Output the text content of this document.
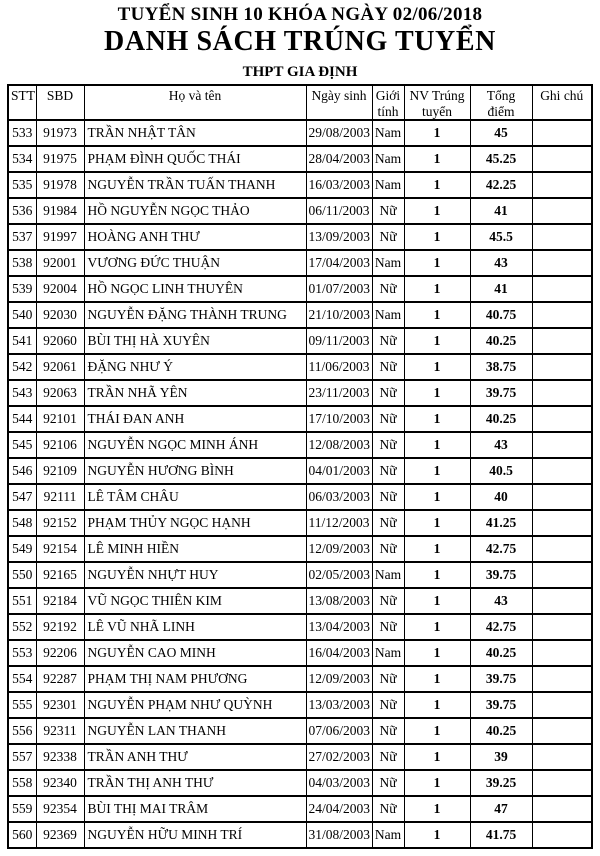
TUYỂN SINH 10 KHÓA NGÀY 02/06/2018
DANH SÁCH TRÚNG TUYỂN
THPT GIA ĐỊNH
STT	SBD	Họ và tên	Ngày sinh	Giới tính	NV Trúng tuyển	Tổng điểm	Ghi chú
533	91973	TRẦN NHẬT TÂN	29/08/2003	Nam	1	45	
534	91975	PHẠM ĐÌNH QUỐC THÁI	28/04/2003	Nam	1	45.25	
535	91978	NGUYỄN TRẦN TUẤN THANH	16/03/2003	Nam	1	42.25	
536	91984	HỒ NGUYỄN NGỌC THẢO	06/11/2003	Nữ	1	41	
537	91997	HOÀNG ANH THƯ	13/09/2003	Nữ	1	45.5	
538	92001	VƯƠNG ĐỨC THUẬN	17/04/2003	Nam	1	43	
539	92004	HỒ NGỌC LINH THUYÊN	01/07/2003	Nữ	1	41	
540	92030	NGUYỄN ĐẶNG THÀNH TRUNG	21/10/2003	Nam	1	40.75	
541	92060	BÙI THỊ HÀ XUYÊN	09/11/2003	Nữ	1	40.25	
542	92061	ĐẶNG NHƯ Ý	11/06/2003	Nữ	1	38.75	
543	92063	TRẦN NHÃ YÊN	23/11/2003	Nữ	1	39.75	
544	92101	THÁI ĐAN ANH	17/10/2003	Nữ	1	40.25	
545	92106	NGUYỄN NGỌC MINH ÁNH	12/08/2003	Nữ	1	43	
546	92109	NGUYỄN HƯƠNG BÌNH	04/01/2003	Nữ	1	40.5	
547	92111	LÊ TÂM CHÂU	06/03/2003	Nữ	1	40	
548	92152	PHẠM THỦY NGỌC HẠNH	11/12/2003	Nữ	1	41.25	
549	92154	LÊ MINH HIỀN	12/09/2003	Nữ	1	42.75	
550	92165	NGUYỄN NHỰT HUY	02/05/2003	Nam	1	39.75	
551	92184	VŨ NGỌC THIÊN KIM	13/08/2003	Nữ	1	43	
552	92192	LÊ VŨ NHÃ LINH	13/04/2003	Nữ	1	42.75	
553	92206	NGUYỄN CAO MINH	16/04/2003	Nam	1	40.25	
554	92287	PHẠM THỊ NAM PHƯƠNG	12/09/2003	Nữ	1	39.75	
555	92301	NGUYỄN PHẠM NHƯ QUỲNH	13/03/2003	Nữ	1	39.75	
556	92311	NGUYỄN LAN THANH	07/06/2003	Nữ	1	40.25	
557	92338	TRẦN ANH THƯ	27/02/2003	Nữ	1	39	
558	92340	TRẦN THỊ ANH THƯ	04/03/2003	Nữ	1	39.25	
559	92354	BÙI THỊ MAI TRÂM	24/04/2003	Nữ	1	47	
560	92369	NGUYỄN HỮU MINH TRÍ	31/08/2003	Nam	1	41.75	
